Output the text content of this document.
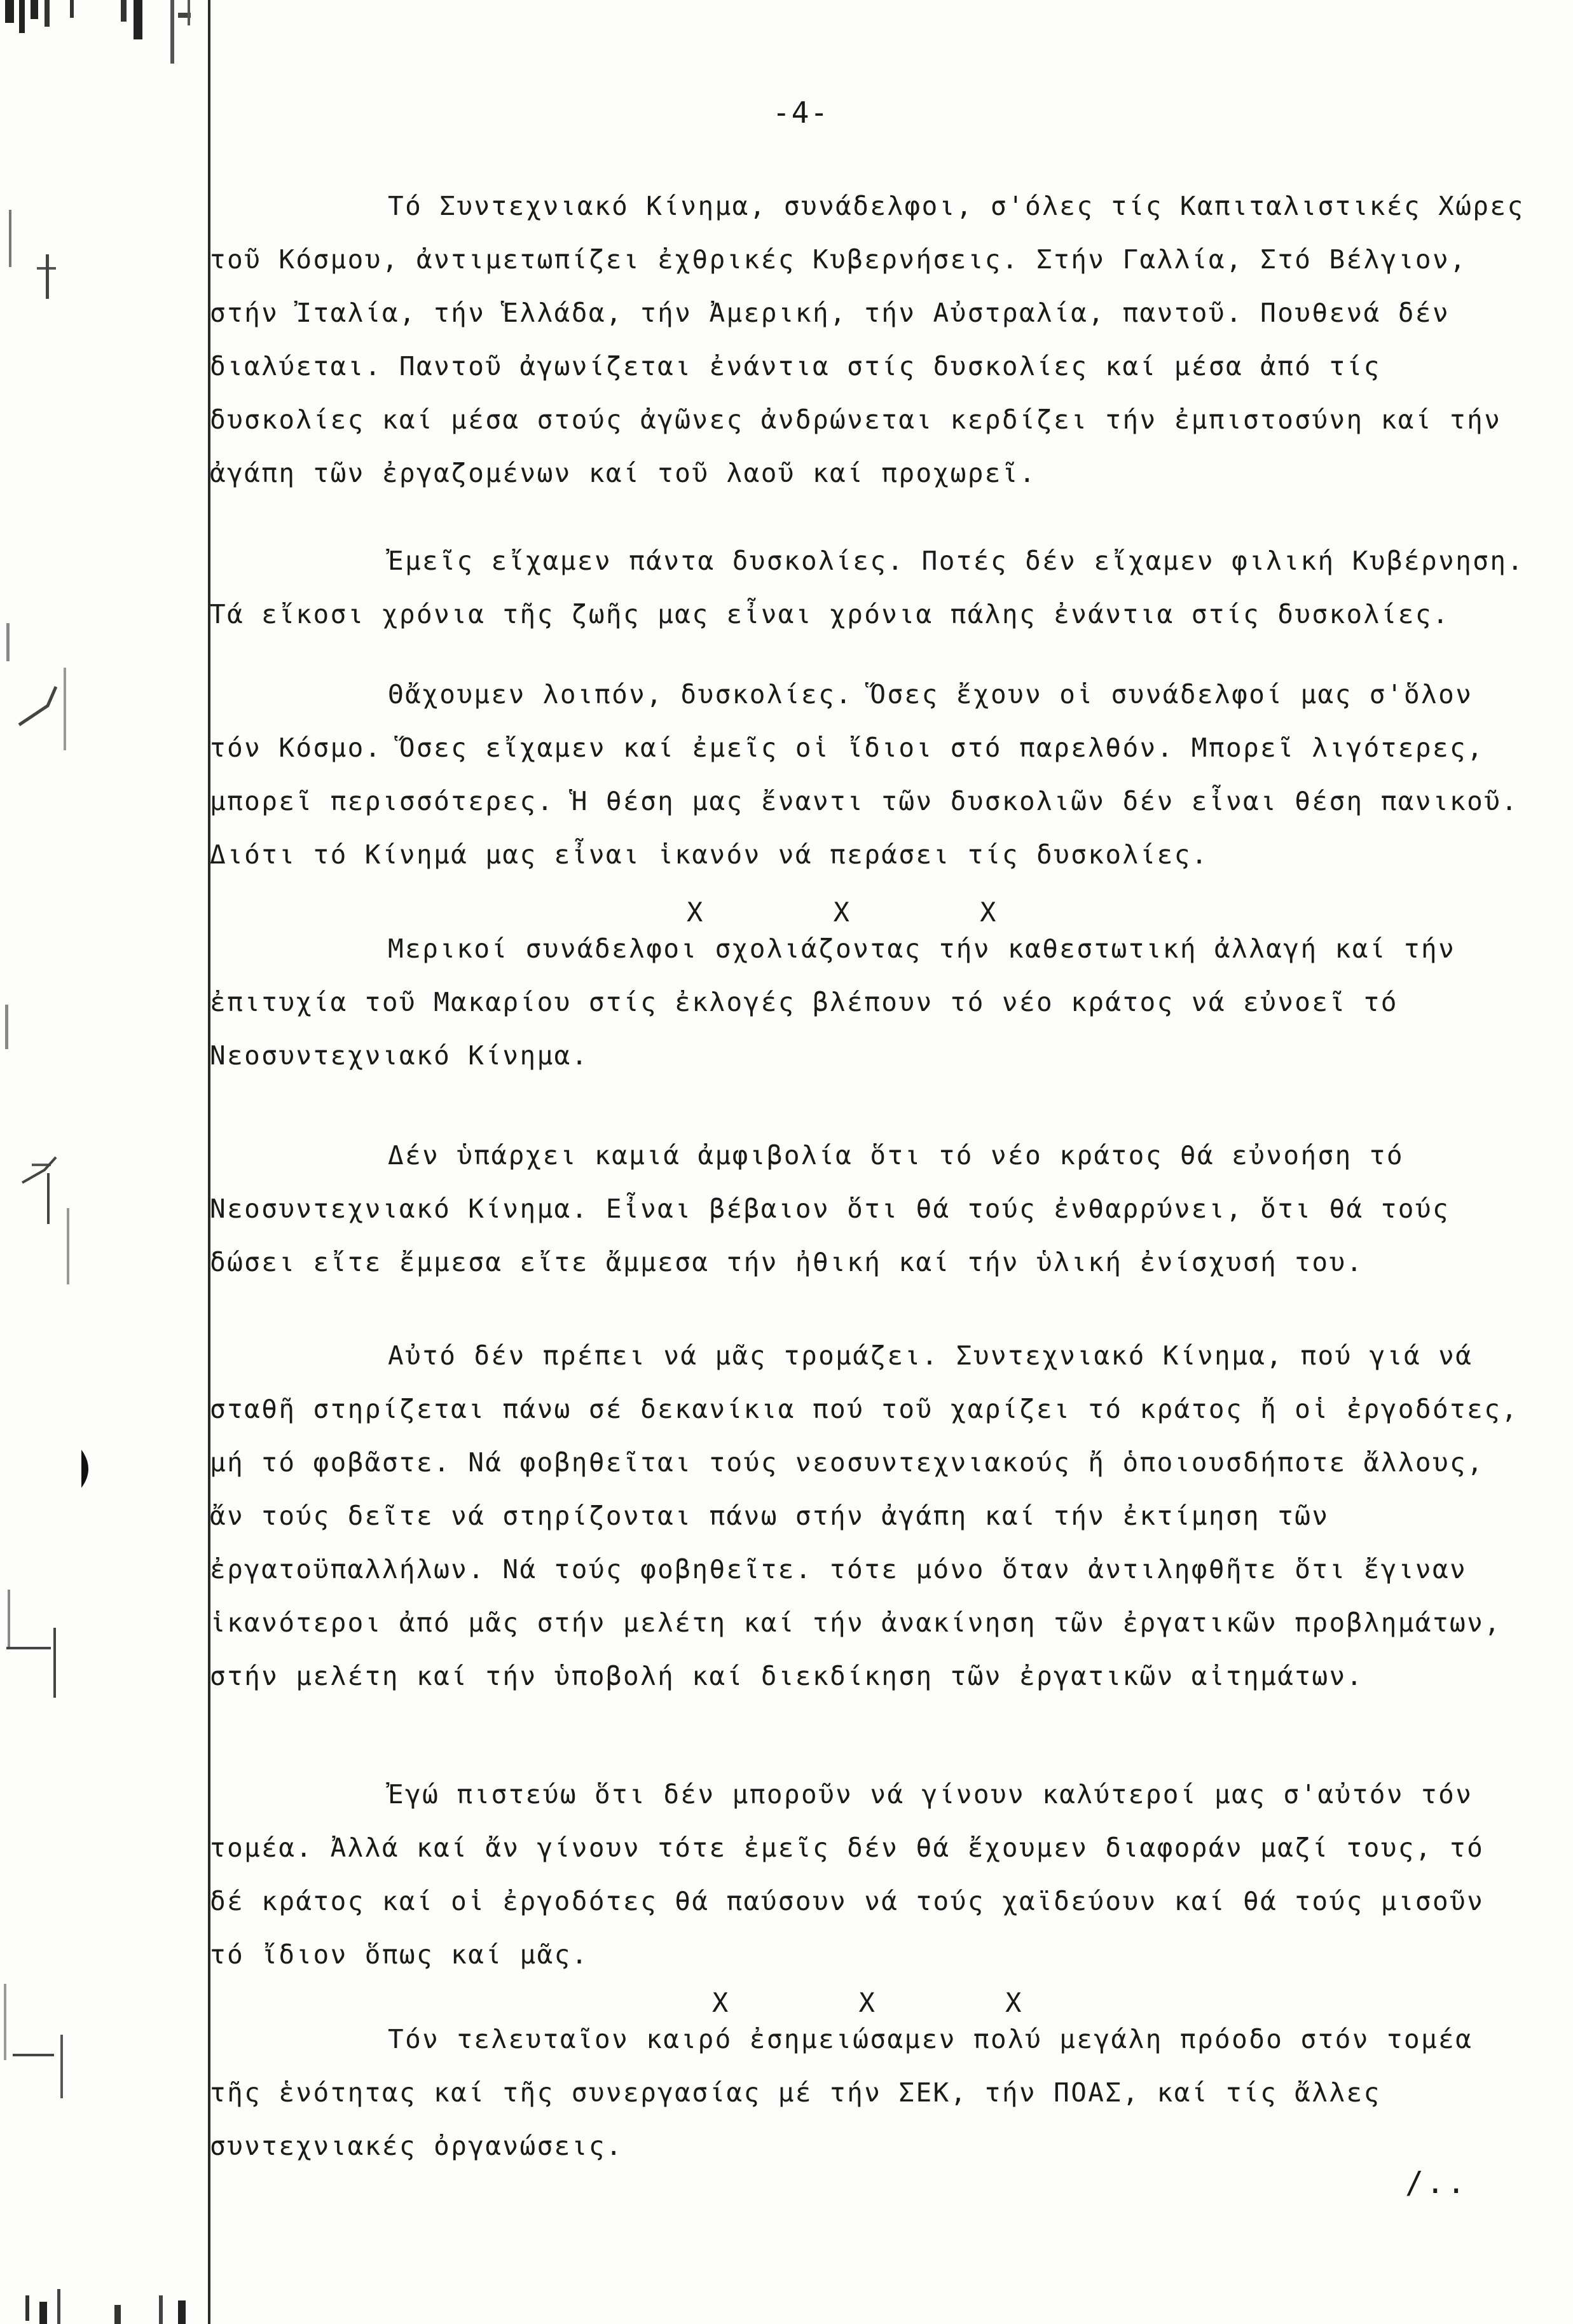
-4-

Τό Συντεχνιακό Κίνημα, συνάδελφοι, σ'όλες τίς Καπιταλιστικές Χώρες τοῦ Κόσμου, ἀντιμετωπίζει ἐχθρικές Κυβερνήσεις. Στήν Γαλλία, Στό Βέλγιον, στήν Ἰταλία, τήν Ἑλλάδα, τήν Ἀμερική, τήν Αὐστραλία, παντοῦ. Πουθενά δέν διαλύεται. Παντοῦ ἀγωνίζεται ἐνάντια στίς δυσκολίες καί μέσα ἀπό τίς δυσκολίες καί μέσα στούς ἀγῶνες ἀνδρώνεται κερδίζει τήν ἐμπιστοσύνη καί τήν ἀγάπη τῶν ἐργαζομένων καί τοῦ λαοῦ καί προχωρεῖ.

Ἐμεῖς εἴχαμεν πάντα δυσκολίες. Ποτές δέν εἴχαμεν φιλική Κυβέρνηση. Τά εἴκοσι χρόνια τῆς ζωῆς μας εἶναι χρόνια πάλης ἐνάντια στίς δυσκολίες.

Θἄχουμεν λοιπόν, δυσκολίες. Ὅσες ἔχουν οἱ συνάδελφοί μας σ'ὅλον τόν Κόσμο. Ὅσες εἴχαμεν καί ἐμεῖς οἱ ἴδιοι στό παρελθόν. Μπορεῖ λιγότερες, μπορεῖ περισσότερες. Ἡ θέση μας ἔναντι τῶν δυσκολιῶν δέν εἶναι θέση πανικοῦ. Διότι τό Κίνημά μας εἶναι ἱκανόν νά περάσει τίς δυσκολίες.

X X X

Μερικοί συνάδελφοι σχολιάζοντας τήν καθεστωτική ἀλλαγή καί τήν ἐπιτυχία τοῦ Μακαρίου στίς ἐκλογές βλέπουν τό νέο κράτος νά εὐνοεῖ τό Νεοσυντεχνιακό Κίνημα.

Δέν ὑπάρχει καμιά ἀμφιβολία ὅτι τό νέο κράτος θά εὐνοήση τό Νεοσυντεχνιακό Κίνημα. Εἶναι βέβαιον ὅτι θά τούς ἐνθαρρύνει, ὅτι θά τούς δώσει εἴτε ἔμμεσα εἴτε ἄμμεσα τήν ἠθική καί τήν ὑλική ἐνίσχυσή του.

Αὐτό δέν πρέπει νά μᾶς τρομάζει. Συντεχνιακό Κίνημα, πού γιά νά σταθῆ στηρίζεται πάνω σέ δεκανίκια πού τοῦ χαρίζει τό κράτος ἤ οἱ ἐργοδότες, μή τό φοβᾶστε. Νά φοβηθεῖται τούς νεοσυντεχνιακούς ἤ ὁποιουσδήποτε ἄλλους, ἄν τούς δεῖτε νά στηρίζονται πάνω στήν ἀγάπη καί τήν ἐκτίμηση τῶν ἐργατοϋπαλλήλων. Νά τούς φοβηθεῖτε. τότε μόνο ὅταν ἀντιληφθῆτε ὅτι ἔγιναν ἱκανότεροι ἀπό μᾶς στήν μελέτη καί τήν ἀνακίνηση τῶν ἐργατικῶν προβλημάτων, στήν μελέτη καί τήν ὑποβολή καί διεκδίκηση τῶν ἐργατικῶν αἰτημάτων.

Ἐγώ πιστεύω ὅτι δέν μποροῦν νά γίνουν καλύτεροί μας σ'αὐτόν τόν τομέα. Ἀλλά καί ἄν γίνουν τότε ἐμεῖς δέν θά ἔχουμεν διαφοράν μαζί τους, τό δέ κράτος καί οἱ ἐργοδότες θά παύσουν νά τούς χαϊδεύουν καί θά τούς μισοῦν τό ἴδιον ὅπως καί μᾶς.

X X X

Τόν τελευταῖον καιρό ἐσημειώσαμεν πολύ μεγάλη πρόοδο στόν τομέα τῆς ἑνότητας καί τῆς συνεργασίας μέ τήν ΣΕΚ, τήν ΠΟΑΣ, καί τίς ἄλλες συντεχνιακές ὀργανώσεις.

/..
